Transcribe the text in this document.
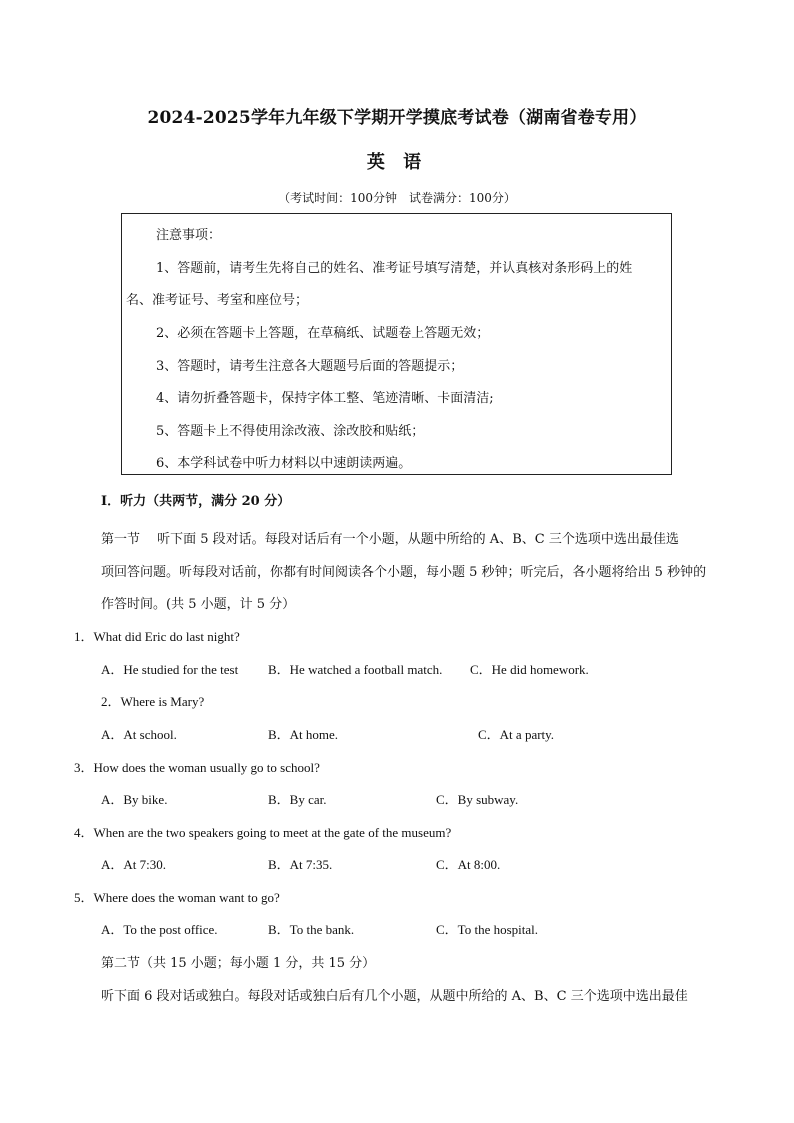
2024-2025学年九年级下学期开学摸底考试卷（湖南省卷专用）
英 语
（考试时间：100分钟　试卷满分：100分）
注意事项：
1、答题前，请考生先将自己的姓名、准考证号填写清楚，并认真核对条形码上的姓
名、准考证号、考室和座位号；
2、必须在答题卡上答题，在草稿纸、试题卷上答题无效；
3、答题时，请考生注意各大题题号后面的答题提示；
4、请勿折叠答题卡，保持字体工整、笔迹清晰、卡面清洁;
5、答题卡上不得使用涂改液、涂改胶和贴纸；
6、本学科试卷中听力材料以中速朗读两遍。
I．听力（共两节，满分 20 分）
第一节　 听下面 5 段对话。每段对话后有一个小题，从题中所给的 A、B、C 三个选项中选出最佳选
项回答问题。听每段对话前，你都有时间阅读各个小题，每小题 5 秒钟；听完后，各小题将给出 5 秒钟的
作答时间。(共 5 小题，计 5 分）
1．What did Eric do last night?
A．He studied for the test B．He watched a football match. C．He did homework.
2．Where is Mary?
A．At school.	B．At home.	C．At a party.
3．How does the woman usually go to school?
A．By bike.	B．By car.	C．By subway.
4．When are the two speakers going to meet at the gate of the museum?
A．At 7:30.	B．At 7:35.	C．At 8:00.
5．Where does the woman want to go?
A．To the post office.	B．To the bank.	C．To the hospital.
第二节（共 15 小题；每小题 1 分，共 15 分）
听下面 6 段对话或独白。每段对话或独白后有几个小题，从题中所给的 A、B、C 三个选项中选出最佳
